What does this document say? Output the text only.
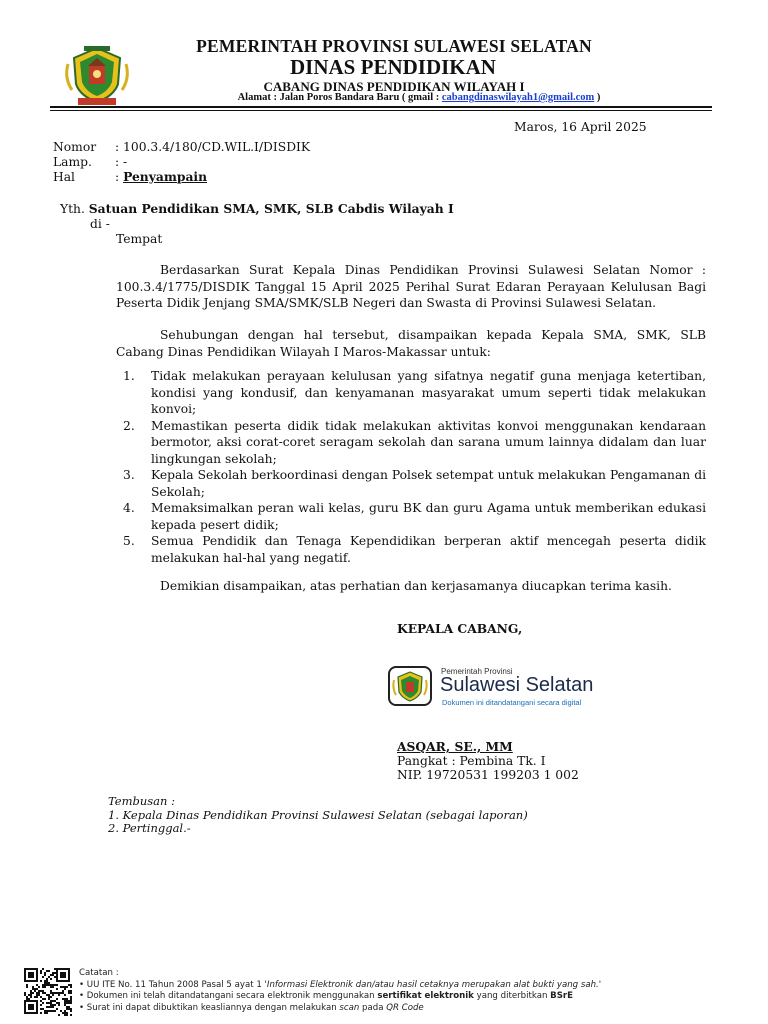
PEMERINTAH PROVINSI SULAWESI SELATAN
DINAS PENDIDIKAN
CABANG DINAS PENDIDIKAN WILAYAH I
Alamat : Jalan Poros Bandara Baru ( gmail : cabangdinaswilayah1@gmail.com )
Maros, 16 April 2025
Nomor : 100.3.4/180/CD.WIL.I/DISDIK
Lamp. : -
Hal	: Penyampain
Yth. Satuan Pendidikan SMA, SMK, SLB Cabdis Wilayah I
di -
Tempat
Berdasarkan Surat Kepala Dinas Pendidikan Provinsi Sulawesi Selatan Nomor : 100.3.4/1775/DISDIK Tanggal 15 April 2025 Perihal Surat Edaran Perayaan Kelulusan Bagi Peserta Didik Jenjang SMA/SMK/SLB Negeri dan Swasta di Provinsi Sulawesi Selatan.
Sehubungan dengan hal tersebut, disampaikan kepada Kepala SMA, SMK, SLB Cabang Dinas Pendidikan Wilayah I Maros-Makassar untuk:
1. Tidak melakukan perayaan kelulusan yang sifatnya negatif guna menjaga ketertiban, kondisi yang kondusif, dan kenyamanan masyarakat umum seperti tidak melakukan konvoi;
2. Memastikan peserta didik tidak melakukan aktivitas konvoi menggunakan kendaraan bermotor, aksi corat-coret seragam sekolah dan sarana umum lainnya didalam dan luar lingkungan sekolah;
3. Kepala Sekolah berkoordinasi dengan Polsek setempat untuk melakukan Pengamanan di Sekolah;
4. Memaksimalkan peran wali kelas, guru BK dan guru Agama untuk memberikan edukasi kepada pesert didik;
5. Semua Pendidik dan Tenaga Kependidikan berperan aktif mencegah peserta didik melakukan hal-hal yang negatif.
Demikian disampaikan, atas perhatian dan kerjasamanya diucapkan terima kasih.
KEPALA CABANG,
Pemerintah Provinsi
Sulawesi Selatan
Dokumen ini ditandatangani secara digital
ASQAR, SE., MM
Pangkat : Pembina Tk. I
NIP. 19720531 199203 1 002
Tembusan :
1. Kepala Dinas Pendidikan Provinsi Sulawesi Selatan (sebagai laporan)
2. Pertinggal.-
Catatan :
• UU ITE No. 11 Tahun 2008 Pasal 5 ayat 1 'Informasi Elektronik dan/atau hasil cetaknya merupakan alat bukti yang sah.'
• Dokumen ini telah ditandatangani secara elektronik menggunakan sertifikat elektronik yang diterbitkan BSrE
• Surat ini dapat dibuktikan keasliannya dengan melakukan scan pada QR Code
